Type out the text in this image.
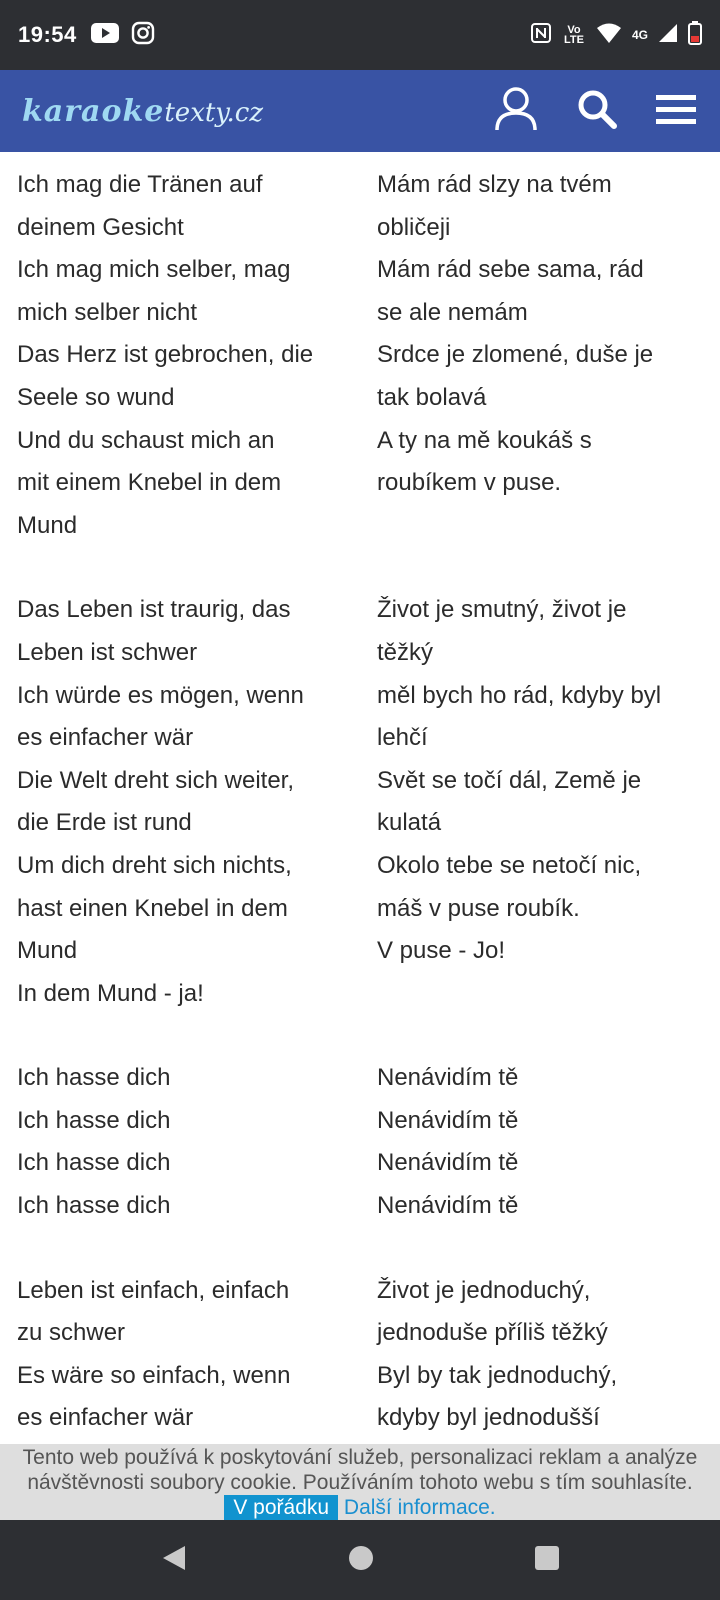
19:54	Vo LTE	4G
karaoke texty.cz
Ich mag die Tränen auf
deinem Gesicht
Ich mag mich selber, mag
mich selber nicht
Das Herz ist gebrochen, die
Seele so wund
Und du schaust mich an
mit einem Knebel in dem
Mund
Mám rád slzy na tvém
obličeji
Mám rád sebe sama, rád
se ale nemám
Srdce je zlomené, duše je
tak bolavá
A ty na mě koukáš s
roubíkem v puse.
Das Leben ist traurig, das
Leben ist schwer
Ich würde es mögen, wenn
es einfacher wär
Die Welt dreht sich weiter,
die Erde ist rund
Um dich dreht sich nichts,
hast einen Knebel in dem
Mund
In dem Mund - ja!
Život je smutný, život je
těžký
měl bych ho rád, kdyby byl
lehčí
Svět se točí dál, Země je
kulatá
Okolo tebe se netočí nic,
máš v puse roubík.
V puse - Jo!
Ich hasse dich
Ich hasse dich
Ich hasse dich
Ich hasse dich
Nenávidím tě
Nenávidím tě
Nenávidím tě
Nenávidím tě
Leben ist einfach, einfach
zu schwer
Es wäre so einfach, wenn
es einfacher wär
Život je jednoduchý,
jednoduše příliš těžký
Byl by tak jednoduchý,
kdyby byl jednodušší
Tento web používá k poskytování služeb, personalizaci reklam a analýze návštěvnosti soubory cookie. Používáním tohoto webu s tím souhlasíte. V pořádku Další informace.
